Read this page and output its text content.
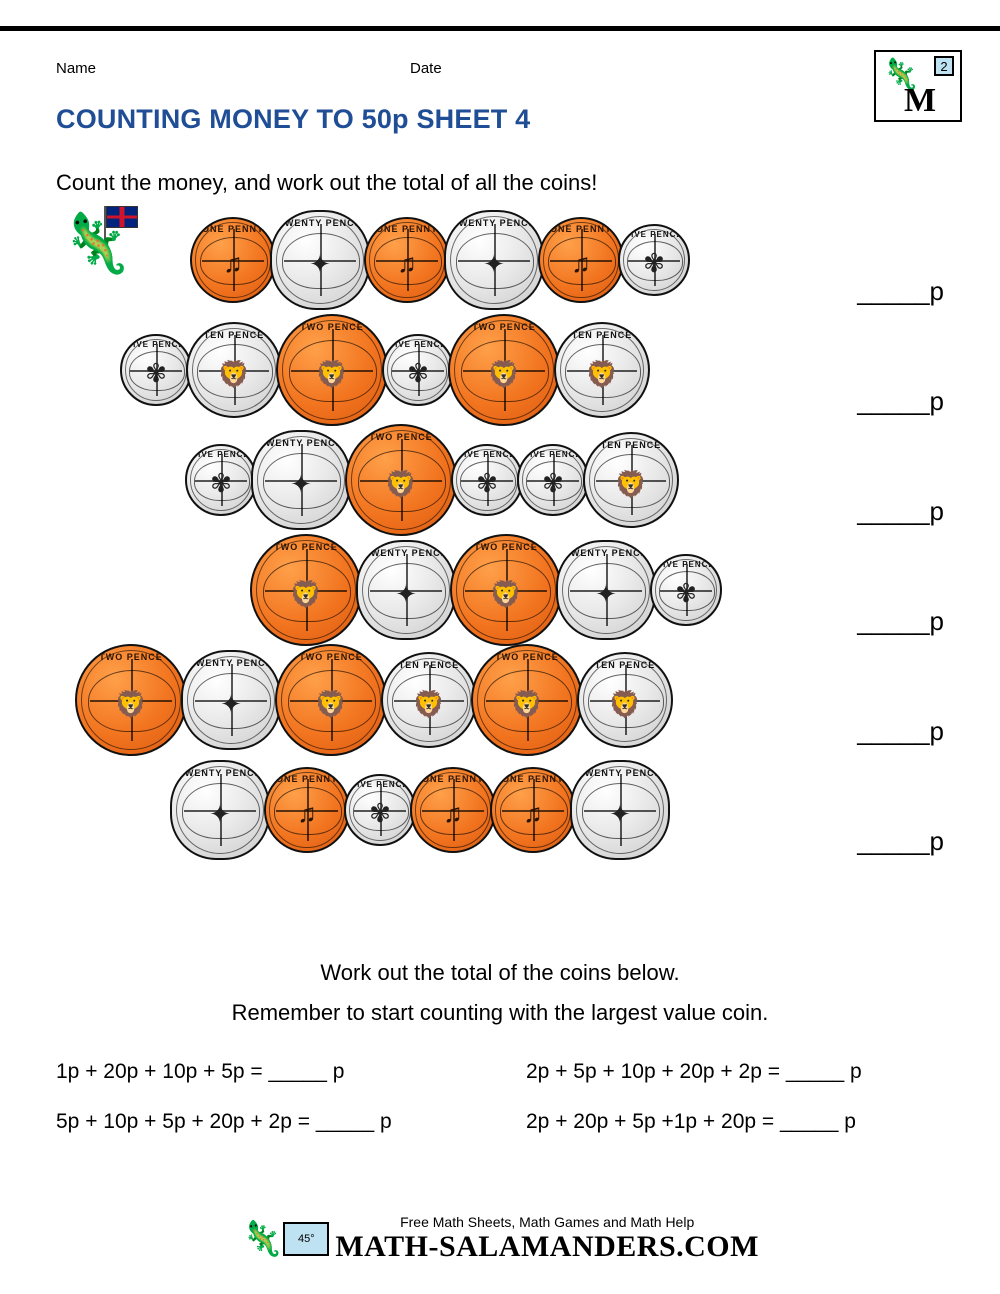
Name	Date	2
🦎
M
COUNTING MONEY TO 50p SHEET 4
Count the money, and work out the total of all the coins!
🦎	ONE PENNY
♫
TWENTY PENCE
✦
ONE PENNY
♫
TWENTY PENCE
✦
ONE PENNY
♫
FIVE PENCE
✾
_____p
FIVE PENCE
✾
TEN PENCE
🦁
TWO PENCE
🦁
FIVE PENCE
✾
TWO PENCE
🦁
TEN PENCE
🦁
_____p
FIVE PENCE
✾
TWENTY PENCE
✦
TWO PENCE
🦁
FIVE PENCE
✾
FIVE PENCE
✾
TEN PENCE
🦁
_____p
TWO PENCE
🦁
TWENTY PENCE
✦
TWO PENCE
🦁
TWENTY PENCE
✦
FIVE PENCE
✾
_____p
TWO PENCE
🦁
TWENTY PENCE
✦
TWO PENCE
🦁
TEN PENCE
🦁
TWO PENCE
🦁
TEN PENCE
🦁
_____p
TWENTY PENCE
✦
ONE PENNY
♫
FIVE PENCE
✾
ONE PENNY
♫
ONE PENNY
♫
TWENTY PENCE
✦
_____p
Work out the total of the coins below.
Remember to start counting with the largest value coin.
1p + 20p + 10p + 5p = _____ p	2p + 5p + 10p + 20p + 2p = _____ p
5p + 10p + 5p + 20p + 2p = _____ p	2p + 20p + 5p +1p + 20p = _____ p
🦎	45°
Free Math Sheets, Math Games and Math Help
MATH-SALAMANDERS.COM
